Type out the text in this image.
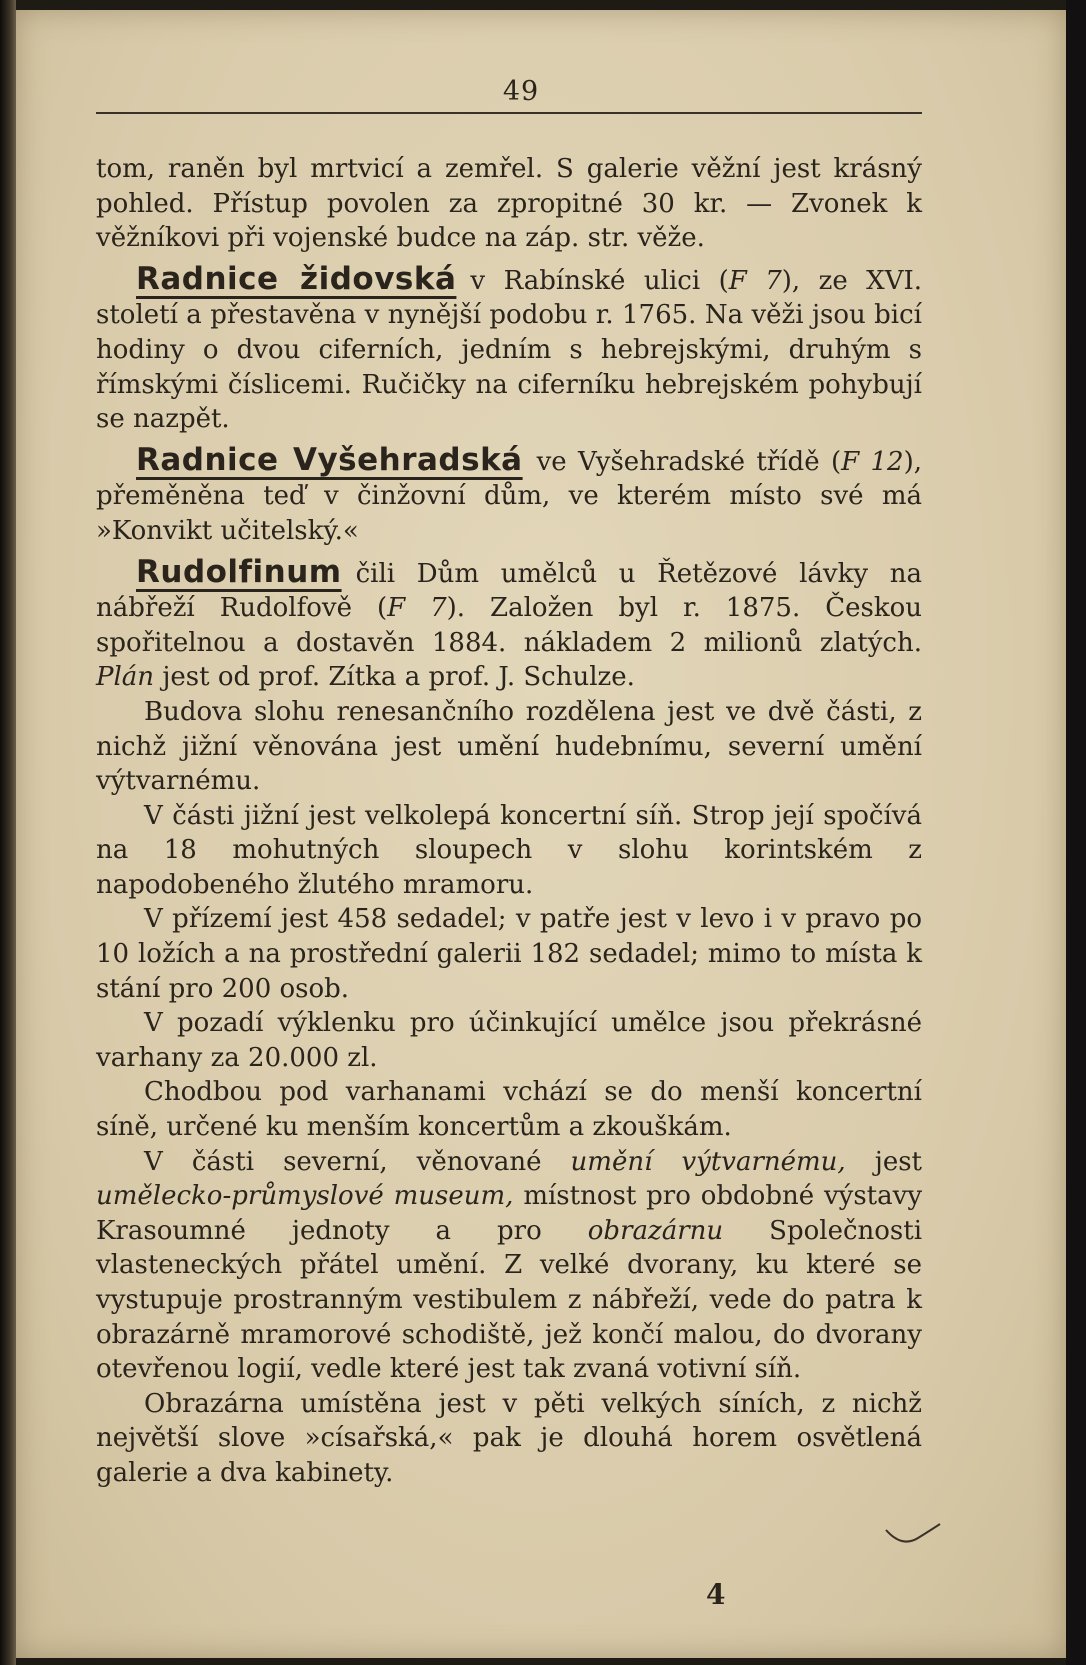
49

tom, raněn byl mrtvicí a zemřel. S galerie věžní jest krásný pohled. Přístup povolen za zpropitné 30 kr. — Zvonek k věžníkovi při vojenské budce na záp. str. věže.

Radnice židovská v Rabínské ulici (F 7), ze XVI. století a přestavěna v nynější podobu r. 1765. Na věži jsou bicí hodiny o dvou ciferních, jedním s hebrejskými, druhým s římskými číslicemi. Ručičky na ciferníku hebrejském pohybují se nazpět.

Radnice Vyšehradská ve Vyšehradské třídě (F 12), přeměněna teď v činžovní dům, ve kterém místo své má »Konvikt učitelský.«

Rudolfinum čili Dům umělců u Řetězové lávky na nábřeží Rudolfově (F 7). Založen byl r. 1875. Českou spořitelnou a dostavěn 1884. nákladem 2 milionů zlatých. Plán jest od prof. Zítka a prof. J. Schulze.

Budova slohu renesančního rozdělena jest ve dvě části, z nichž jižní věnována jest umění hudebnímu, severní umění výtvarnému.

V části jižní jest velkolepá koncertní síň. Strop její spočívá na 18 mohutných sloupech v slohu korintském z napodobeného žlutého mramoru.

V přízemí jest 458 sedadel; v patře jest v levo i v pravo po 10 ložích a na prostřední galerii 182 sedadel; mimo to místa k stání pro 200 osob.

V pozadí výklenku pro účinkující umělce jsou překrásné varhany za 20.000 zl.

Chodbou pod varhanami vchází se do menší koncertní síně, určené ku menším koncertům a zkouškám.

V části severní, věnované umění výtvarnému, jest umělecko-průmyslové museum, místnost pro obdobné výstavy Krasoumné jednoty a pro obrazárnu Společnosti vlasteneckých přátel umění. Z velké dvorany, ku které se vystupuje prostranným vestibulem z nábřeží, vede do patra k obrazárně mramorové schodiště, jež končí malou, do dvorany otevřenou logií, vedle které jest tak zvaná votivní síň.

Obrazárna umístěna jest v pěti velkých síních, z nichž největší slove »císařská,« pak je dlouhá horem osvětlená galerie a dva kabinety.

4
